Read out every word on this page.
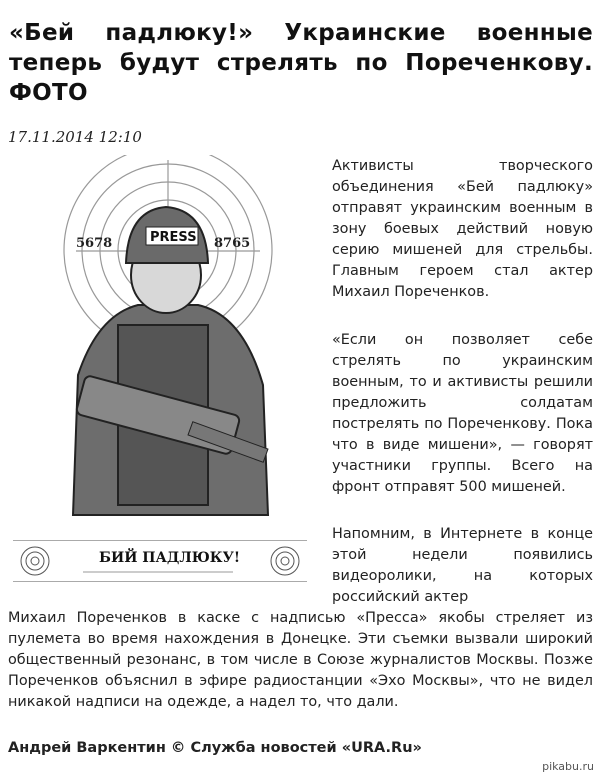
«Бей падлюку!» Украинские военные теперь будут стрелять по Пореченкову. ФОТО
17.11.2014 12:10
5678	8765
PRESS
БИЙ ПАДЛЮКУ!

Активисты творческого объединения «Бей падлюку» отправят украинским военным в зону боевых действий новую серию мишеней для стрельбы. Главным героем стал актер Михаил Пореченков.

«Если он позволяет себе стрелять по украинским военным, то и активисты решили предложить солдатам пострелять по Пореченкову. Пока что в виде мишени», — говорят участники группы. Всего на фронт отправят 500 мишеней.

Напомним, в Интернете в конце этой недели появились видеоролики, на которых российский актер

Михаил Пореченков в каске с надписью «Пресса» якобы стреляет из пулемета во время нахождения в Донецке. Эти съемки вызвали широкий общественный резонанс, в том числе в Союзе журналистов Москвы. Позже Пореченков объяснил в эфире радиостанции «Эхо Москвы», что не видел никакой надписи на одежде, а надел то, что дали.

Андрей Варкентин © Служба новостей «URA.Ru»
pikabu.ru
